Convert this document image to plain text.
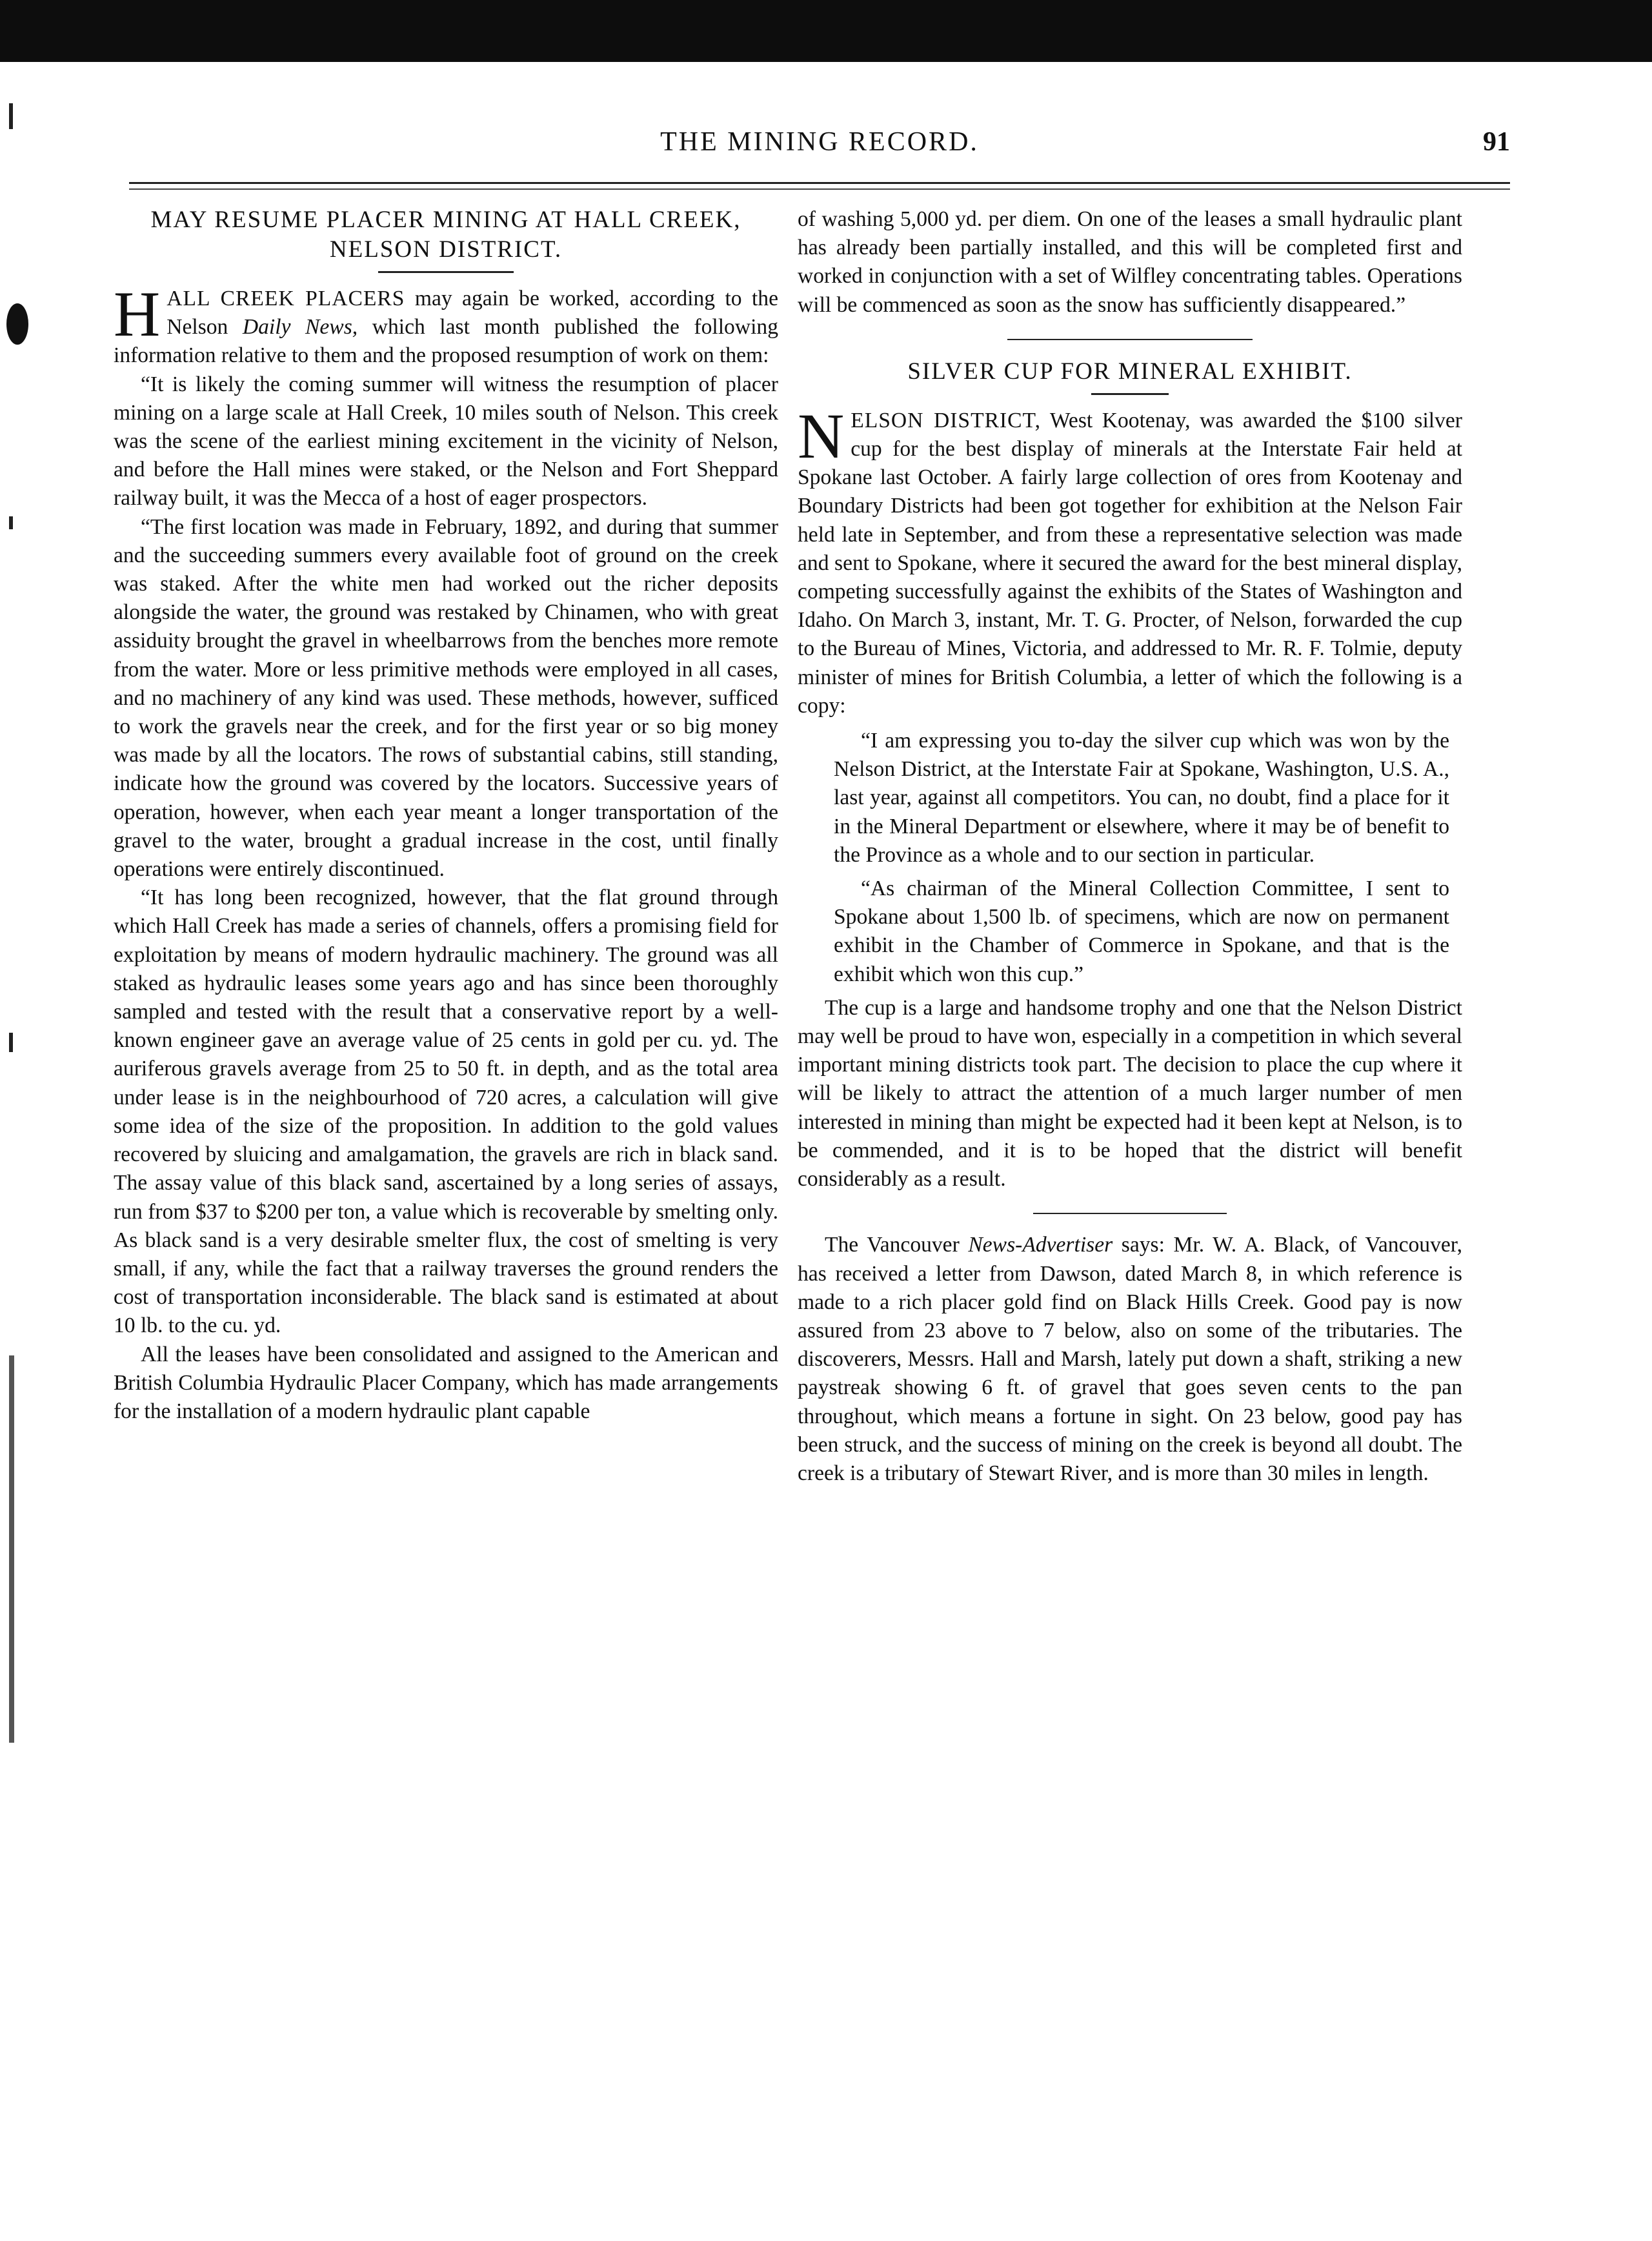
THE MINING RECORD.	91
MAY RESUME PLACER MINING AT HALL CREEK, NELSON DISTRICT.

HALL CREEK PLACERS may again be worked, according to the Nelson Daily News, which last month published the following information relative to them and the proposed resumption of work on them:

“It is likely the coming summer will witness the resumption of placer mining on a large scale at Hall Creek, 10 miles south of Nelson. This creek was the scene of the earliest mining excitement in the vicinity of Nelson, and before the Hall mines were staked, or the Nelson and Fort Sheppard railway built, it was the Mecca of a host of eager prospectors.

“The first location was made in February, 1892, and during that summer and the succeeding summers every available foot of ground on the creek was staked. After the white men had worked out the richer deposits alongside the water, the ground was restaked by Chinamen, who with great assiduity brought the gravel in wheelbarrows from the benches more remote from the water. More or less primitive methods were employed in all cases, and no machinery of any kind was used. These methods, however, sufficed to work the gravels near the creek, and for the first year or so big money was made by all the locators. The rows of substantial cabins, still standing, indicate how the ground was covered by the locators. Successive years of operation, however, when each year meant a longer transportation of the gravel to the water, brought a gradual increase in the cost, until finally operations were entirely discontinued.

“It has long been recognized, however, that the flat ground through which Hall Creek has made a series of channels, offers a promising field for exploitation by means of modern hydraulic machinery. The ground was all staked as hydraulic leases some years ago and has since been thoroughly sampled and tested with the result that a conservative report by a well-known engineer gave an average value of 25 cents in gold per cu. yd. The auriferous gravels average from 25 to 50 ft. in depth, and as the total area under lease is in the neighbourhood of 720 acres, a calculation will give some idea of the size of the proposition. In addition to the gold values recovered by sluicing and amalgamation, the gravels are rich in black sand. The assay value of this black sand, ascertained by a long series of assays, run from $37 to $200 per ton, a value which is recoverable by smelting only. As black sand is a very desirable smelter flux, the cost of smelting is very small, if any, while the fact that a railway traverses the ground renders the cost of transportation inconsiderable. The black sand is estimated at about 10 lb. to the cu. yd.

All the leases have been consolidated and assigned to the American and British Columbia Hydraulic Placer Company, which has made arrangements for the installation of a modern hydraulic plant capable

of washing 5,000 yd. per diem. On one of the leases a small hydraulic plant has already been partially installed, and this will be completed first and worked in conjunction with a set of Wilfley concentrating tables. Operations will be commenced as soon as the snow has sufficiently disappeared.”

SILVER CUP FOR MINERAL EXHIBIT.

NELSON DISTRICT, West Kootenay, was awarded the $100 silver cup for the best display of minerals at the Interstate Fair held at Spokane last October. A fairly large collection of ores from Kootenay and Boundary Districts had been got together for exhibition at the Nelson Fair held late in September, and from these a representative selection was made and sent to Spokane, where it secured the award for the best mineral display, competing successfully against the exhibits of the States of Washington and Idaho. On March 3, instant, Mr. T. G. Procter, of Nelson, forwarded the cup to the Bureau of Mines, Victoria, and addressed to Mr. R. F. Tolmie, deputy minister of mines for British Columbia, a letter of which the following is a copy:

“I am expressing you to-day the silver cup which was won by the Nelson District, at the Interstate Fair at Spokane, Washington, U.S. A., last year, against all competitors. You can, no doubt, find a place for it in the Mineral Department or elsewhere, where it may be of benefit to the Province as a whole and to our section in particular.

“As chairman of the Mineral Collection Committee, I sent to Spokane about 1,500 lb. of specimens, which are now on permanent exhibit in the Chamber of Commerce in Spokane, and that is the exhibit which won this cup.”

The cup is a large and handsome trophy and one that the Nelson District may well be proud to have won, especially in a competition in which several important mining districts took part. The decision to place the cup where it will be likely to attract the attention of a much larger number of men interested in mining than might be expected had it been kept at Nelson, is to be commended, and it is to be hoped that the district will benefit considerably as a result.

The Vancouver News-Advertiser says: Mr. W. A. Black, of Vancouver, has received a letter from Dawson, dated March 8, in which reference is made to a rich placer gold find on Black Hills Creek. Good pay is now assured from 23 above to 7 below, also on some of the tributaries. The discoverers, Messrs. Hall and Marsh, lately put down a shaft, striking a new paystreak showing 6 ft. of gravel that goes seven cents to the pan throughout, which means a fortune in sight. On 23 below, good pay has been struck, and the success of mining on the creek is beyond all doubt. The creek is a tributary of Stewart River, and is more than 30 miles in length.
